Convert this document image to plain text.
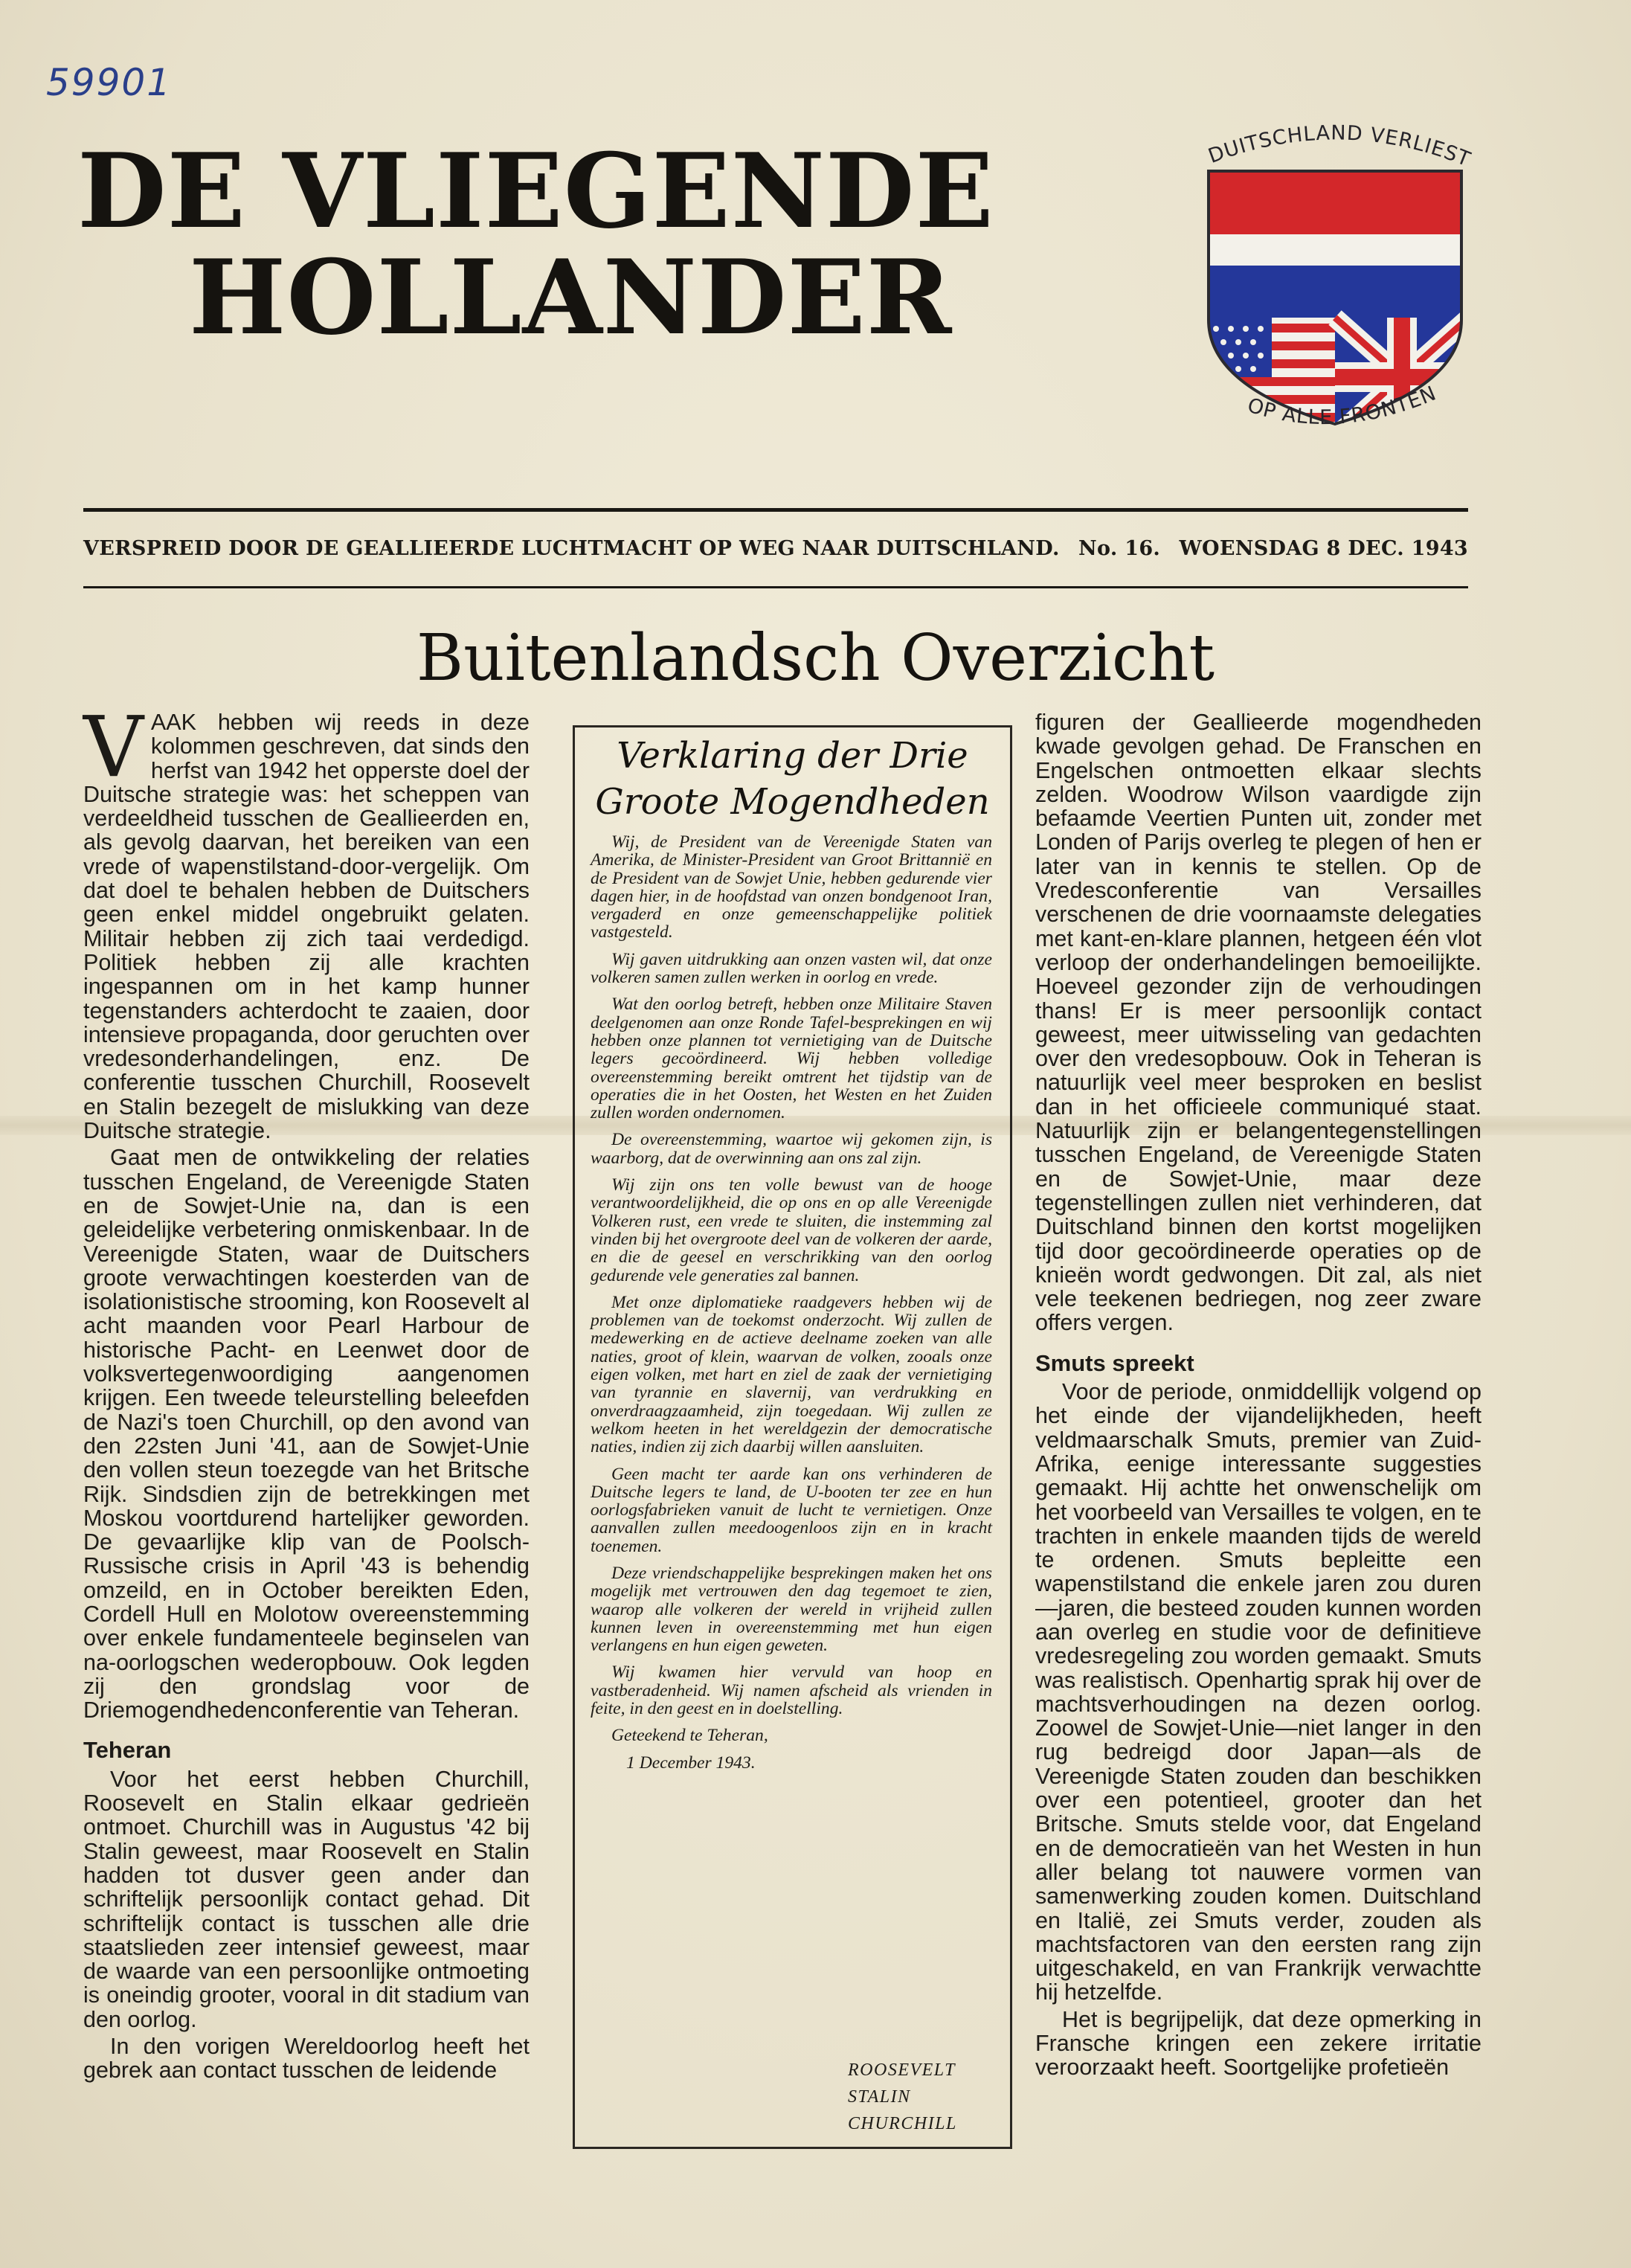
59901
DE VLIEGENDE
HOLLANDER
DUITSCHLAND VERLIEST
OP ALLE FRONTEN
VERSPREID DOOR DE GEALLIEERDE LUCHTMACHT OP WEG NAAR DUITSCHLAND. No. 16. WOENSDAG 8 DEC. 1943
Buitenlandsch Overzicht

VAAK hebben wij reeds in deze kolommen geschreven, dat sinds den herfst van 1942 het opperste doel der Duitsche strategie was: het scheppen van verdeeldheid tusschen de Geallieerden en, als gevolg daarvan, het bereiken van een vrede of wapenstilstand-door-vergelijk. Om dat doel te behalen hebben de Duitschers geen enkel middel ongebruikt gelaten. Militair hebben zij zich taai verdedigd. Politiek hebben zij alle krachten ingespannen om in het kamp hunner tegenstanders achterdocht te zaaien, door intensieve propaganda, door geruchten over vredesonderhandelingen, enz. De conferentie tusschen Churchill, Roosevelt en Stalin bezegelt de mislukking van deze Duitsche strategie.

Gaat men de ontwikkeling der relaties tusschen Engeland, de Vereenigde Staten en de Sowjet-Unie na, dan is een geleidelijke verbetering onmiskenbaar. In de Vereenigde Staten, waar de Duitschers groote verwachtingen koesterden van de isolationistische strooming, kon Roosevelt al acht maanden voor Pearl Harbour de historische Pacht- en Leenwet door de volksvertegenwoordiging aangenomen krijgen. Een tweede teleurstelling beleefden de Nazi's toen Churchill, op den avond van den 22sten Juni '41, aan de Sowjet-Unie den vollen steun toezegde van het Britsche Rijk. Sindsdien zijn de betrekkingen met Moskou voortdurend hartelijker geworden. De gevaarlijke klip van de Poolsch-Russische crisis in April '43 is behendig omzeild, en in October bereikten Eden, Cordell Hull en Molotow overeenstemming over enkele fundamenteele beginselen van na-oorlogschen wederopbouw. Ook legden zij den grondslag voor de Driemogendhedenconferentie van Teheran.

Teheran

Voor het eerst hebben Churchill, Roosevelt en Stalin elkaar gedrieën ontmoet. Churchill was in Augustus '42 bij Stalin geweest, maar Roosevelt en Stalin hadden tot dusver geen ander dan schriftelijk persoonlijk contact gehad. Dit schriftelijk contact is tusschen alle drie staatslieden zeer intensief geweest, maar de waarde van een persoonlijke ontmoeting is oneindig grooter, vooral in dit stadium van den oorlog.

In den vorigen Wereldoorlog heeft het gebrek aan contact tusschen de leidende

Verklaring der Drie
Groote Mogendheden

Wij, de President van de Vereenigde Staten van Amerika, de Minister-President van Groot Brittannië en de President van de Sowjet Unie, hebben gedurende vier dagen hier, in de hoofdstad van onzen bondgenoot Iran, vergaderd en onze gemeenschappelijke politiek vastgesteld.

Wij gaven uitdrukking aan onzen vasten wil, dat onze volkeren samen zullen werken in oorlog en vrede.

Wat den oorlog betreft, hebben onze Militaire Staven deelgenomen aan onze Ronde Tafel-besprekingen en wij hebben onze plannen tot vernietiging van de Duitsche legers gecoördineerd. Wij hebben volledige overeenstemming bereikt omtrent het tijdstip van de operaties die in het Oosten, het Westen en het Zuiden zullen worden ondernomen.

De overeenstemming, waartoe wij gekomen zijn, is waarborg, dat de overwinning aan ons zal zijn.

Wij zijn ons ten volle bewust van de hooge verantwoordelijkheid, die op ons en op alle Vereenigde Volkeren rust, een vrede te sluiten, die instemming zal vinden bij het overgroote deel van de volkeren der aarde, en die de geesel en verschrikking van den oorlog gedurende vele generaties zal bannen.

Met onze diplomatieke raadgevers hebben wij de problemen van de toekomst onderzocht. Wij zullen de medewerking en de actieve deelname zoeken van alle naties, groot of klein, waarvan de volken, zooals onze eigen volken, met hart en ziel de zaak der vernietiging van tyrannie en slavernij, van verdrukking en onverdraagzaamheid, zijn toegedaan. Wij zullen ze welkom heeten in het wereldgezin der democratische naties, indien zij zich daarbij willen aansluiten.

Geen macht ter aarde kan ons verhinderen de Duitsche legers te land, de U-booten ter zee en hun oorlogsfabrieken vanuit de lucht te vernietigen. Onze aanvallen zullen meedoogenloos zijn en in kracht toenemen.

Deze vriendschappelijke besprekingen maken het ons mogelijk met vertrouwen den dag tegemoet te zien, waarop alle volkeren der wereld in vrijheid zullen kunnen leven in overeenstemming met hun eigen verlangens en hun eigen geweten.

Wij kwamen hier vervuld van hoop en vastberadenheid. Wij namen afscheid als vrienden in feite, in den geest en in doelstelling.

Geteekend te Teheran,

1 December 1943.

ROOSEVELT
STALIN
CHURCHILL

figuren der Geallieerde mogendheden kwade gevolgen gehad. De Franschen en Engelschen ontmoetten elkaar slechts zelden. Woodrow Wilson vaardigde zijn befaamde Veertien Punten uit, zonder met Londen of Parijs overleg te plegen of hen er later van in kennis te stellen. Op de Vredesconferentie van Versailles verschenen de drie voornaamste delegaties met kant-en-klare plannen, hetgeen één vlot verloop der onderhandelingen bemoeilijkte. Hoeveel gezonder zijn de verhoudingen thans! Er is meer persoonlijk contact geweest, meer uitwisseling van gedachten over den vredesopbouw. Ook in Teheran is natuurlijk veel meer besproken en beslist dan in het officieele communiqué staat. Natuurlijk zijn er belangentegenstellingen tusschen Engeland, de Vereenigde Staten en de Sowjet-Unie, maar deze tegenstellingen zullen niet verhinderen, dat Duitschland binnen den kortst mogelijken tijd door gecoördineerde operaties op de knieën wordt gedwongen. Dit zal, als niet vele teekenen bedriegen, nog zeer zware offers vergen.

Smuts spreekt

Voor de periode, onmiddellijk volgend op het einde der vijandelijkheden, heeft veldmaarschalk Smuts, premier van Zuid-Afrika, eenige interessante suggesties gemaakt. Hij achtte het onwenschelijk om het voorbeeld van Versailles te volgen, en te trachten in enkele maanden tijds de wereld te ordenen. Smuts bepleitte een wapenstilstand die enkele jaren zou duren—jaren, die besteed zouden kunnen worden aan overleg en studie voor de definitieve vredesregeling zou worden gemaakt. Smuts was realistisch. Openhartig sprak hij over de machtsverhoudingen na dezen oorlog. Zoowel de Sowjet-Unie—niet langer in den rug bedreigd door Japan—als de Vereenigde Staten zouden dan beschikken over een potentieel, grooter dan het Britsche. Smuts stelde voor, dat Engeland en de democratieën van het Westen in hun aller belang tot nauwere vormen van samenwerking zouden komen. Duitschland en Italië, zei Smuts verder, zouden als machtsfactoren van den eersten rang zijn uitgeschakeld, en van Frankrijk verwachtte hij hetzelfde.

Het is begrijpelijk, dat deze opmerking in Fransche kringen een zekere irritatie veroorzaakt heeft. Soortgelijke profetieën
